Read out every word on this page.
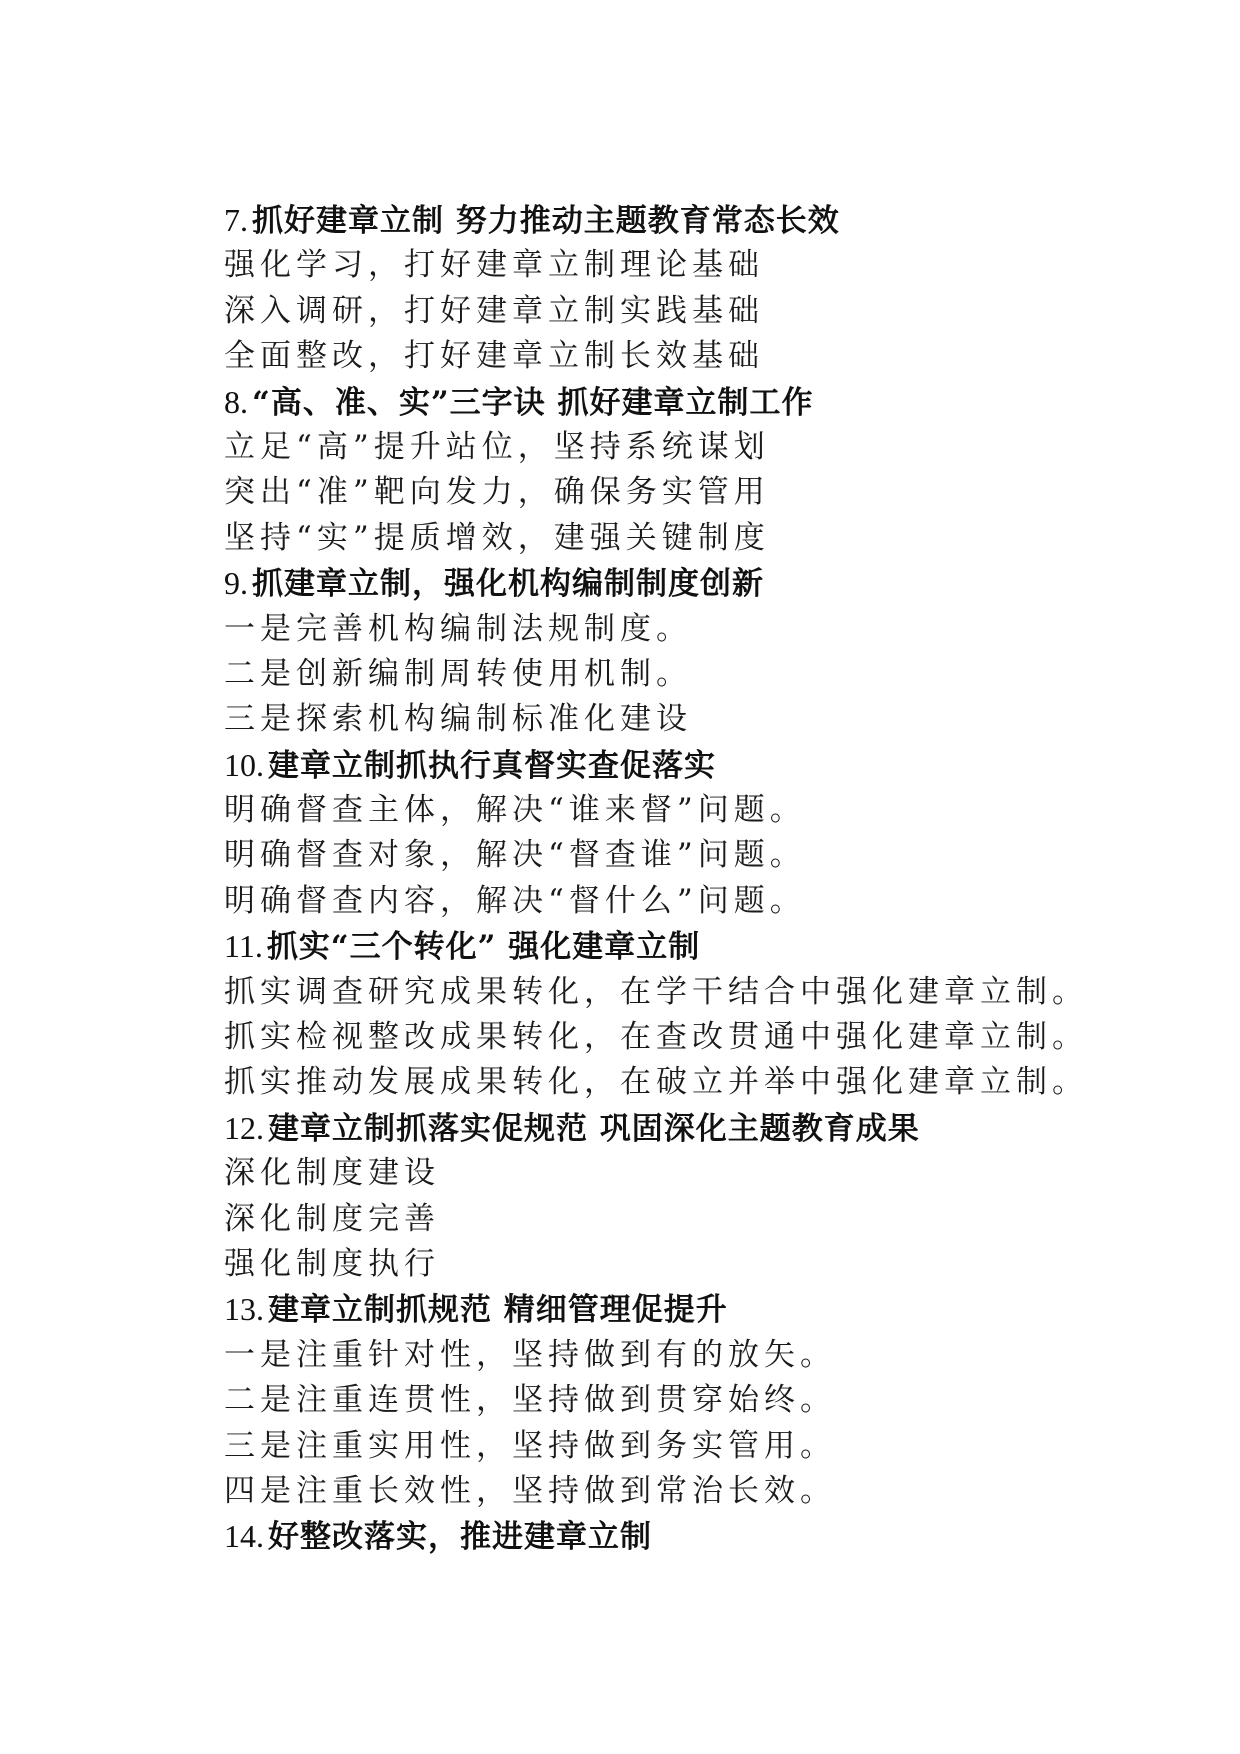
7. 抓好建章立制 努力推动主题教育常态长效
强化学习，打好建章立制理论基础
深入调研，打好建章立制实践基础
全面整改，打好建章立制长效基础
8. “高、准、实”三字诀 抓好建章立制工作
立足“高”提升站位，坚持系统谋划
突出“准”靶向发力，确保务实管用
坚持“实”提质增效，建强关键制度
9. 抓建章立制，强化机构编制制度创新
一是完善机构编制法规制度。
二是创新编制周转使用机制。
三是探索机构编制标准化建设
10. 建章立制抓执行真督实查促落实
明确督查主体，解决“谁来督”问题。
明确督查对象，解决“督查谁”问题。
明确督查内容，解决“督什么”问题。
11. 抓实“三个转化” 强化建章立制
抓实调查研究成果转化，在学干结合中强化建章立制。
抓实检视整改成果转化，在查改贯通中强化建章立制。
抓实推动发展成果转化，在破立并举中强化建章立制。
12. 建章立制抓落实促规范 巩固深化主题教育成果
深化制度建设
深化制度完善
强化制度执行
13. 建章立制抓规范 精细管理促提升
一是注重针对性，坚持做到有的放矢。
二是注重连贯性，坚持做到贯穿始终。
三是注重实用性，坚持做到务实管用。
四是注重长效性，坚持做到常治长效。
14. 好整改落实，推进建章立制
